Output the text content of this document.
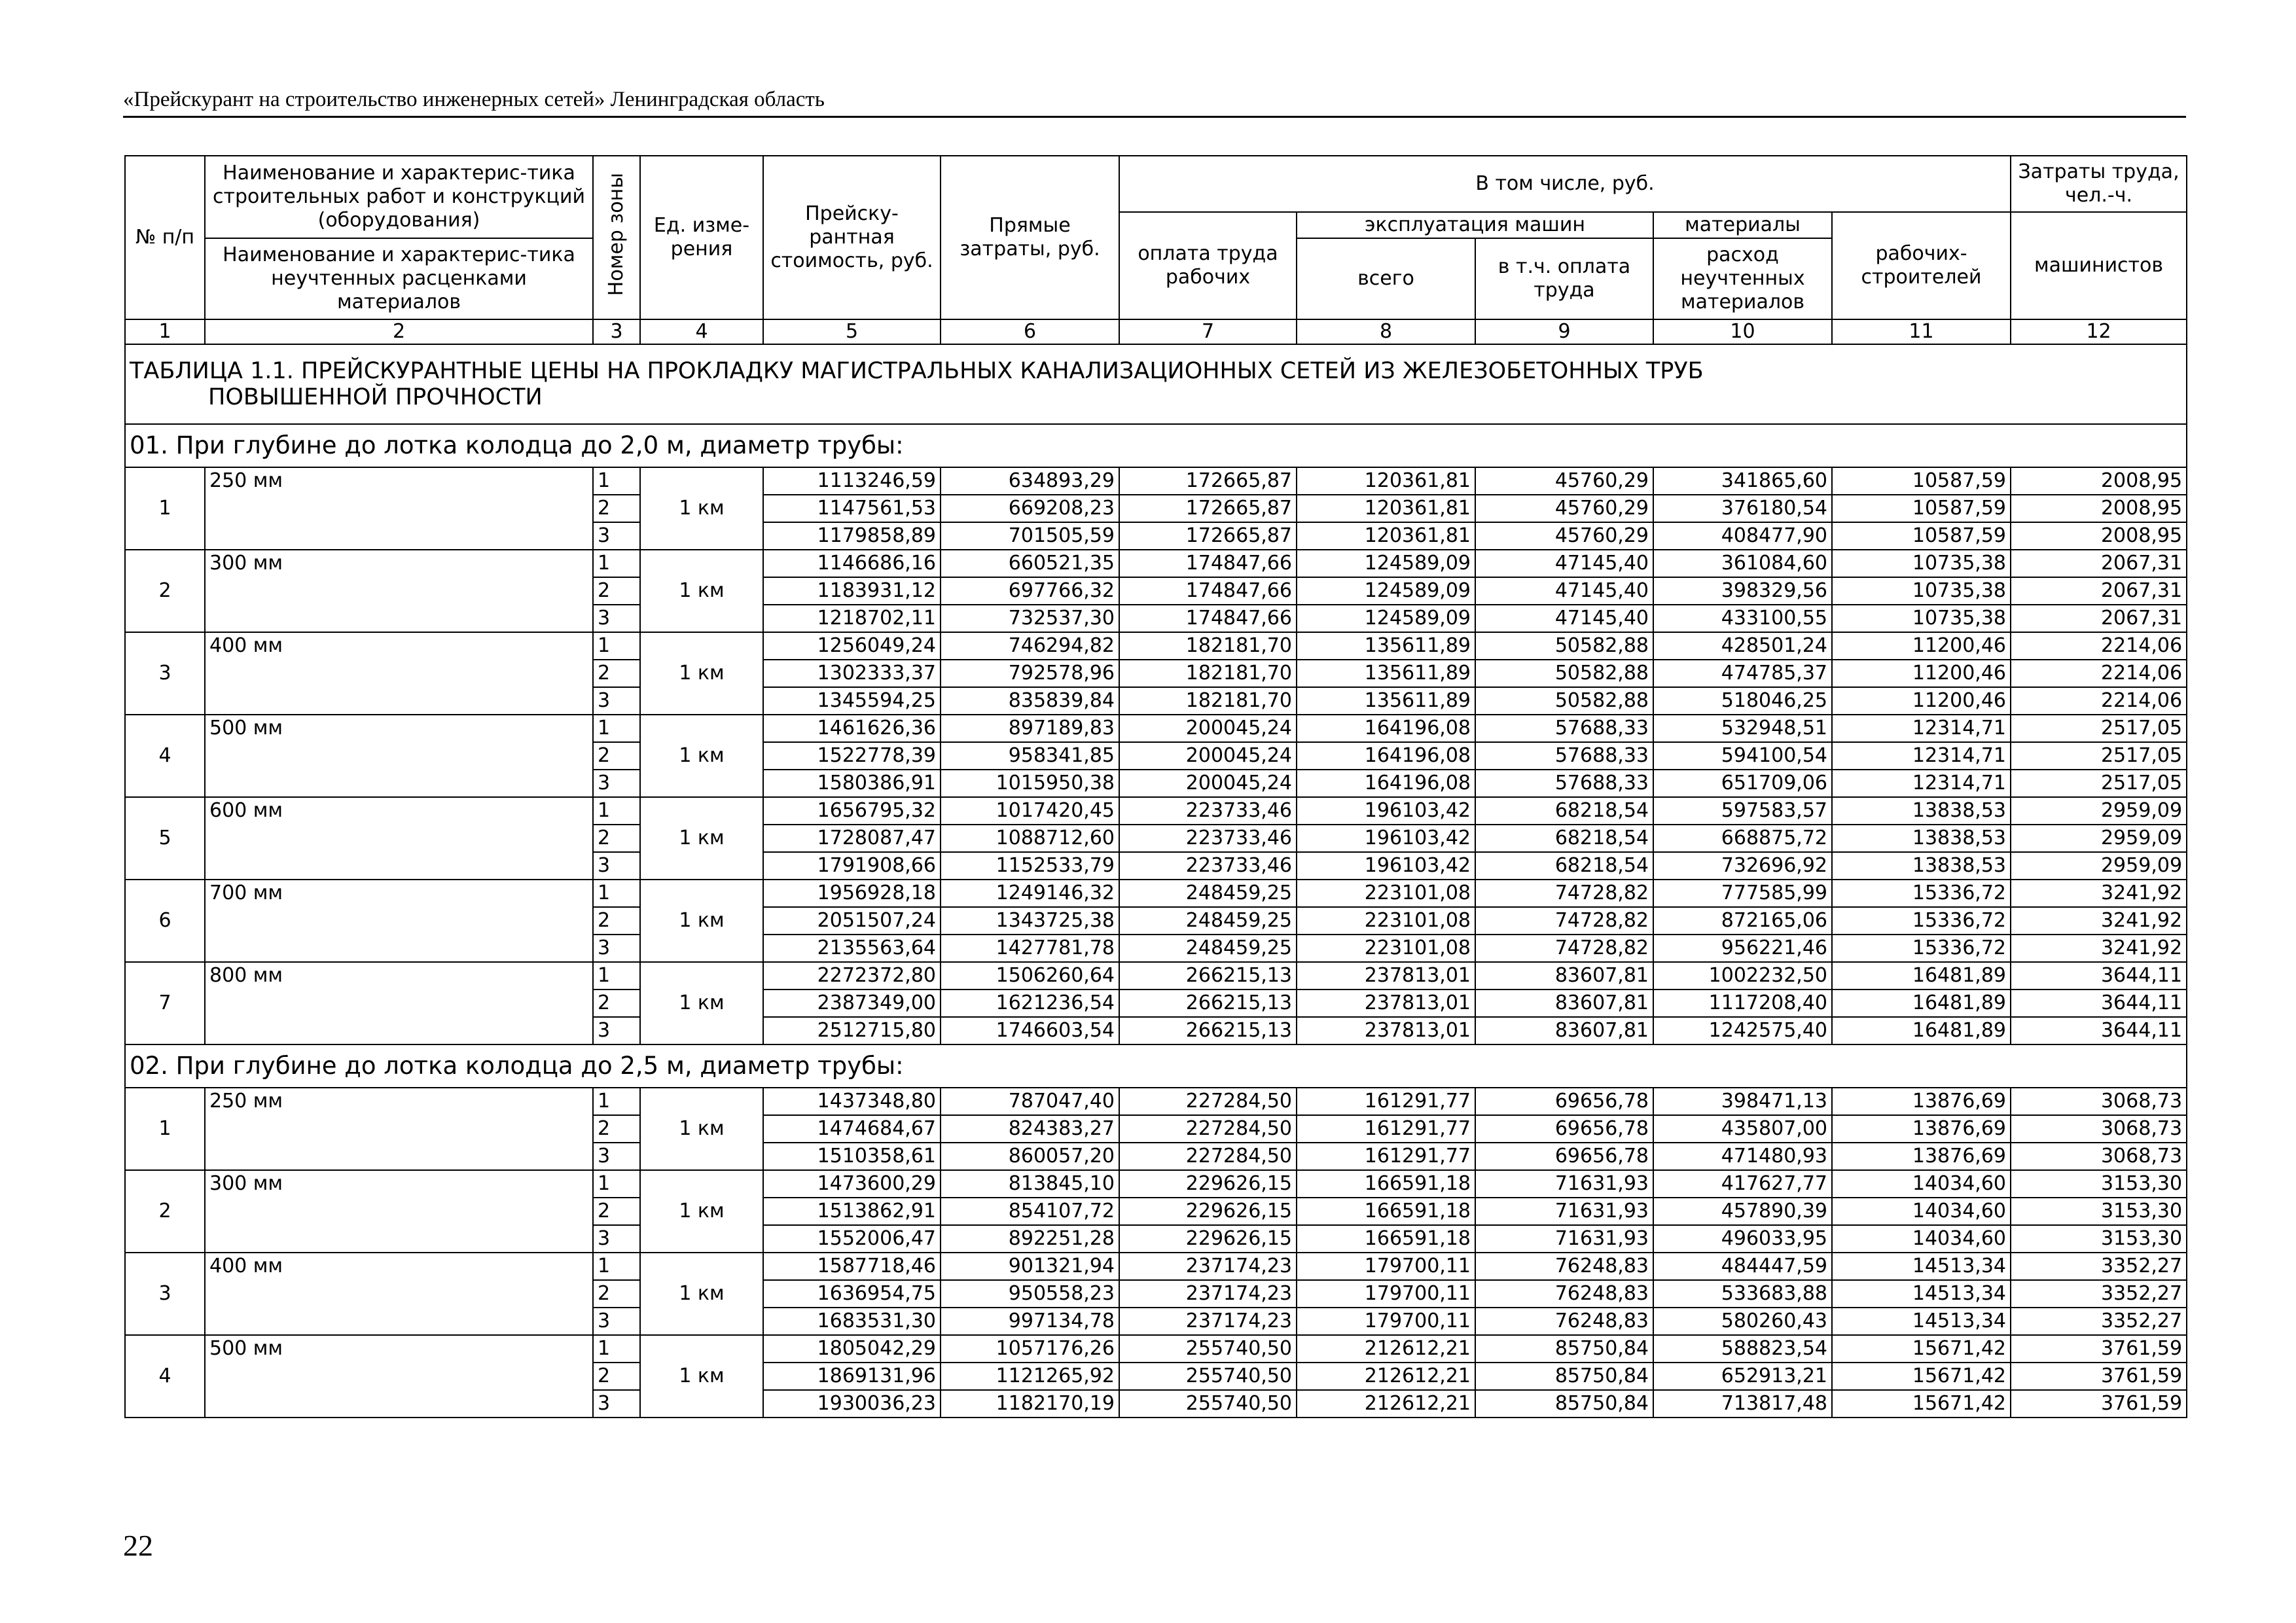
«Прейскурант на строительство инженерных сетей» Ленинградская область
№ п/п	Наименование и характерис-тика строительных работ и конструкций (оборудования)	Номер зоны	Ед. изме-рения	Прейску-рантная стоимость, руб.	Прямые затраты, руб.	В том числе, руб.					Затраты труда, чел.-ч.
						оплата труда рабочих	эксплуатация машин		материалы	рабочих-строителей	машинистов
	Наименование и характерис-тика неучтенных расценками материалов						всего	в т.ч. оплата труда	расход неучтенных материалов		
1	2	3	4	5	6	7	8	9	10	11	12
ТАБЛИЦА 1.1. ПРЕЙСКУРАНТНЫЕ ЦЕНЫ НА ПРОКЛАДКУ МАГИСТРАЛЬНЫХ КАНАЛИЗАЦИОННЫХ СЕТЕЙ ИЗ ЖЕЛЕЗОБЕТОННЫХ ТРУБ
ПОВЫШЕННОЙ ПРОЧНОСТИ											

01. При глубине до лотка колодца до 2,0 м, диаметр трубы:											
1	250 мм	1	1 км	1113246,59	634893,29	172665,87	120361,81	45760,29	341865,60	10587,59	2008,95
		2		1147561,53	669208,23	172665,87	120361,81	45760,29	376180,54	10587,59	2008,95
		3		1179858,89	701505,59	172665,87	120361,81	45760,29	408477,90	10587,59	2008,95
2	300 мм	1	1 км	1146686,16	660521,35	174847,66	124589,09	47145,40	361084,60	10735,38	2067,31
		2		1183931,12	697766,32	174847,66	124589,09	47145,40	398329,56	10735,38	2067,31
		3		1218702,11	732537,30	174847,66	124589,09	47145,40	433100,55	10735,38	2067,31
3	400 мм	1	1 км	1256049,24	746294,82	182181,70	135611,89	50582,88	428501,24	11200,46	2214,06
		2		1302333,37	792578,96	182181,70	135611,89	50582,88	474785,37	11200,46	2214,06
		3		1345594,25	835839,84	182181,70	135611,89	50582,88	518046,25	11200,46	2214,06
4	500 мм	1	1 км	1461626,36	897189,83	200045,24	164196,08	57688,33	532948,51	12314,71	2517,05
		2		1522778,39	958341,85	200045,24	164196,08	57688,33	594100,54	12314,71	2517,05
		3		1580386,91	1015950,38	200045,24	164196,08	57688,33	651709,06	12314,71	2517,05
5	600 мм	1	1 км	1656795,32	1017420,45	223733,46	196103,42	68218,54	597583,57	13838,53	2959,09
		2		1728087,47	1088712,60	223733,46	196103,42	68218,54	668875,72	13838,53	2959,09
		3		1791908,66	1152533,79	223733,46	196103,42	68218,54	732696,92	13838,53	2959,09
6	700 мм	1	1 км	1956928,18	1249146,32	248459,25	223101,08	74728,82	777585,99	15336,72	3241,92
		2		2051507,24	1343725,38	248459,25	223101,08	74728,82	872165,06	15336,72	3241,92
		3		2135563,64	1427781,78	248459,25	223101,08	74728,82	956221,46	15336,72	3241,92
7	800 мм	1	1 км	2272372,80	1506260,64	266215,13	237813,01	83607,81	1002232,50	16481,89	3644,11
		2		2387349,00	1621236,54	266215,13	237813,01	83607,81	1117208,40	16481,89	3644,11
		3		2512715,80	1746603,54	266215,13	237813,01	83607,81	1242575,40	16481,89	3644,11
02. При глубине до лотка колодца до 2,5 м, диаметр трубы:											
1	250 мм	1	1 км	1437348,80	787047,40	227284,50	161291,77	69656,78	398471,13	13876,69	3068,73
		2		1474684,67	824383,27	227284,50	161291,77	69656,78	435807,00	13876,69	3068,73
		3		1510358,61	860057,20	227284,50	161291,77	69656,78	471480,93	13876,69	3068,73
2	300 мм	1	1 км	1473600,29	813845,10	229626,15	166591,18	71631,93	417627,77	14034,60	3153,30
		2		1513862,91	854107,72	229626,15	166591,18	71631,93	457890,39	14034,60	3153,30
		3		1552006,47	892251,28	229626,15	166591,18	71631,93	496033,95	14034,60	3153,30
3	400 мм	1	1 км	1587718,46	901321,94	237174,23	179700,11	76248,83	484447,59	14513,34	3352,27
		2		1636954,75	950558,23	237174,23	179700,11	76248,83	533683,88	14513,34	3352,27
		3		1683531,30	997134,78	237174,23	179700,11	76248,83	580260,43	14513,34	3352,27
4	500 мм	1	1 км	1805042,29	1057176,26	255740,50	212612,21	85750,84	588823,54	15671,42	3761,59
		2		1869131,96	1121265,92	255740,50	212612,21	85750,84	652913,21	15671,42	3761,59
		3		1930036,23	1182170,19	255740,50	212612,21	85750,84	713817,48	15671,42	3761,59
22
